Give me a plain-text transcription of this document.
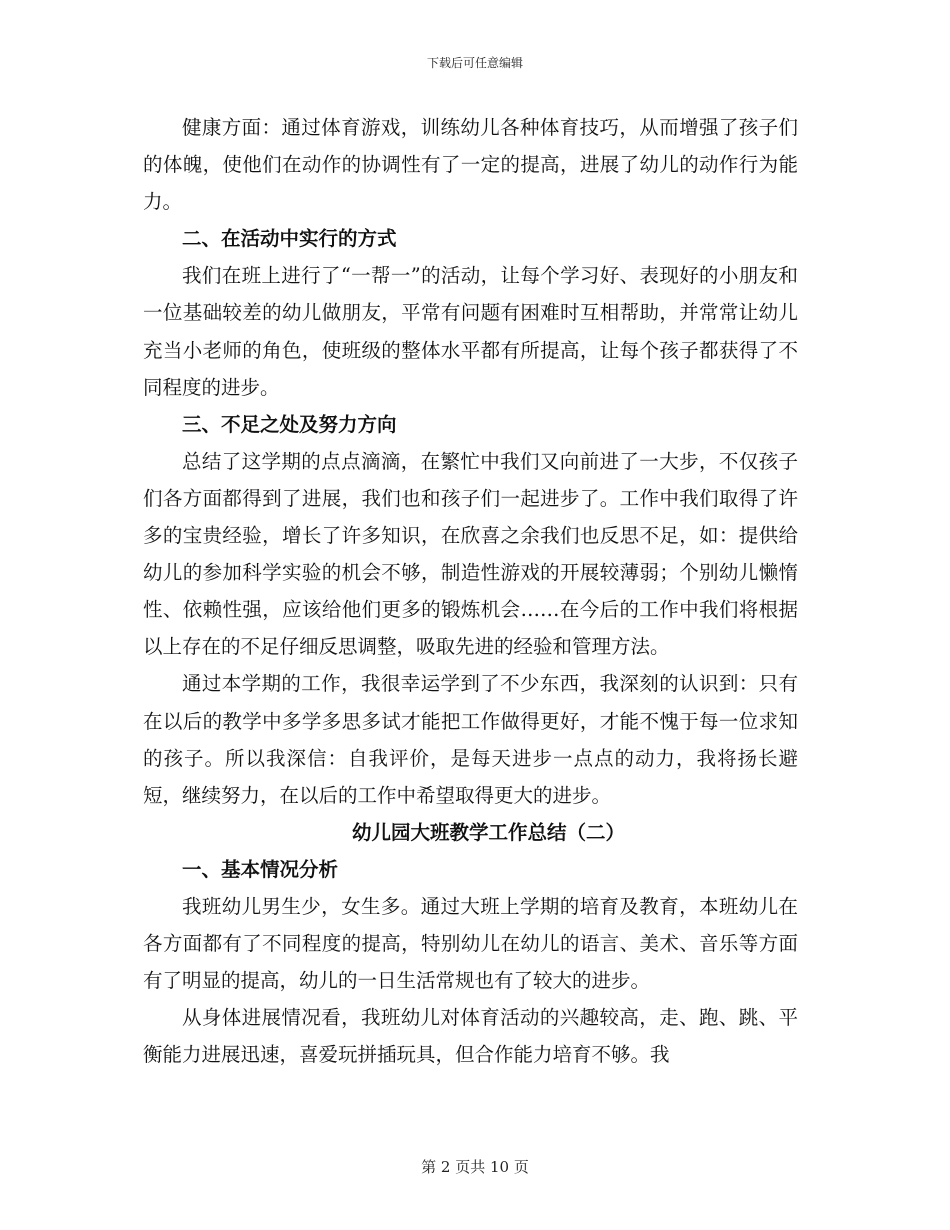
下载后可任意编辑

健康方面：通过体育游戏，训练幼儿各种体育技巧，从而增强了孩子们的体魄，使他们在动作的协调性有了一定的提高，进展了幼儿的动作行为能力。

二、在活动中实行的方式

我们在班上进行了“一帮一”的活动，让每个学习好、表现好的小朋友和一位基础较差的幼儿做朋友，平常有问题有困难时互相帮助，并常常让幼儿充当小老师的角色，使班级的整体水平都有所提高，让每个孩子都获得了不同程度的进步。

三、不足之处及努力方向

总结了这学期的点点滴滴，在繁忙中我们又向前进了一大步，不仅孩子们各方面都得到了进展，我们也和孩子们一起进步了。工作中我们取得了许多的宝贵经验，增长了许多知识，在欣喜之余我们也反思不足，如：提供给幼儿的参加科学实验的机会不够，制造性游戏的开展较薄弱；个别幼儿懒惰性、依赖性强，应该给他们更多的锻炼机会……在今后的工作中我们将根据以上存在的不足仔细反思调整，吸取先进的经验和管理方法。

通过本学期的工作，我很幸运学到了不少东西，我深刻的认识到：只有在以后的教学中多学多思多试才能把工作做得更好，才能不愧于每一位求知的孩子。所以我深信：自我评价，是每天进步一点点的动力，我将扬长避短，继续努力，在以后的工作中希望取得更大的进步。

幼儿园大班教学工作总结（二）
一、基本情况分析

我班幼儿男生少，女生多。通过大班上学期的培育及教育，本班幼儿在各方面都有了不同程度的提高，特别幼儿在幼儿的语言、美术、音乐等方面有了明显的提高，幼儿的一日生活常规也有了较大的进步。

从身体进展情况看，我班幼儿对体育活动的兴趣较高，走、跑、跳、平衡能力进展迅速，喜爱玩拼插玩具，但合作能力培育不够。我

第 2 页共 10 页
